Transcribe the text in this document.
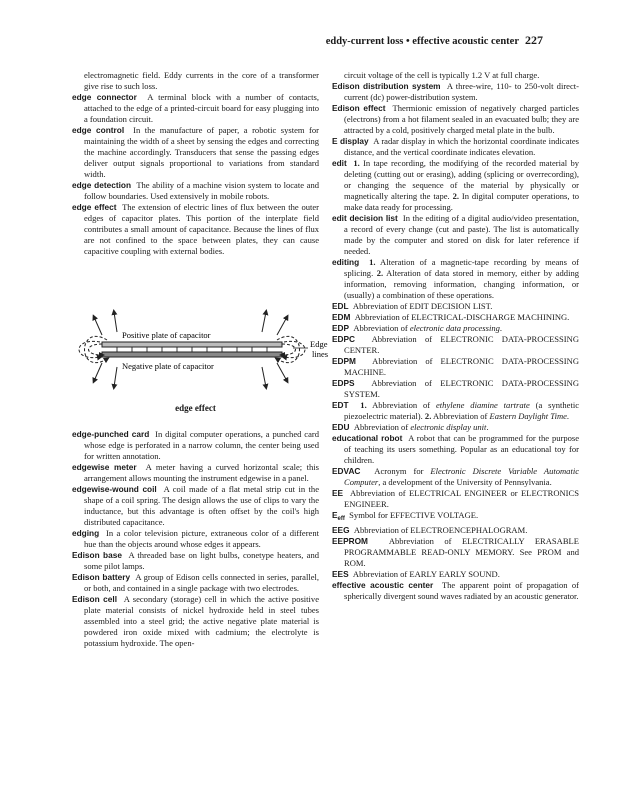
eddy-current loss • effective acoustic center 227

electromagnetic field. Eddy currents in the core of a transformer give rise to such loss.

edge connector A terminal block with a number of contacts, attached to the edge of a printed-circuit board for easy plugging into a foundation circuit.

edge control In the manufacture of paper, a robotic system for maintaining the width of a sheet by sensing the edges and correcting the machine accordingly. Transducers that sense the passing edges deliver output signals proportional to variations from standard width.

edge detection The ability of a machine vision system to locate and follow boundaries. Used extensively in mobile robots.

edge effect The extension of electric lines of flux between the outer edges of capacitor plates. This portion of the interplate field contributes a small amount of capacitance. Because the lines of flux are not confined to the space between plates, they can cause capacitive coupling with external bodies.

Positive plate of capacitor
Negative plate of capacitor
Edge
lines
edge effect

edge-punched card In digital computer operations, a punched card whose edge is perforated in a narrow column, the center being used for written annotation.

edgewise meter A meter having a curved horizontal scale; this arrangement allows mounting the instrument edgewise in a panel.

edgewise-wound coil A coil made of a flat metal strip cut in the shape of a coil spring. The design allows the use of clips to vary the inductance, but this advantage is often offset by the coil's high distributed capacitance.

edging In a color television picture, extraneous color of a different hue than the objects around whose edges it appears.

Edison base A threaded base on light bulbs, conetype heaters, and some pilot lamps.

Edison battery A group of Edison cells connected in series, parallel, or both, and contained in a single package with two electrodes.

Edison cell A secondary (storage) cell in which the active positive plate material consists of nickel hydroxide held in steel tubes assembled into a steel grid; the active negative plate material is powdered iron oxide mixed with cadmium; the electrolyte is potassium hydroxide. The open-

circuit voltage of the cell is typically 1.2 V at full charge.

Edison distribution system A three-wire, 110- to 250-volt direct-current (dc) power-distribution system.

Edison effect Thermionic emission of negatively charged particles (electrons) from a hot filament sealed in an evacuated bulb; they are attracted by a cold, positively charged metal plate in the bulb.

E display A radar display in which the horizontal coordinate indicates distance, and the vertical coordinate indicates elevation.

edit 1. In tape recording, the modifying of the recorded material by deleting (cutting out or erasing), adding (splicing or overrecording), or changing the sequence of the material by physically or magnetically altering the tape. 2. In digital computer operations, to make data ready for processing.

edit decision list In the editing of a digital audio/video presentation, a record of every change (cut and paste). The list is automatically made by the computer and stored on disk for later reference if needed.

editing 1. Alteration of a magnetic-tape recording by means of splicing. 2. Alteration of data stored in memory, either by adding information, removing information, changing information, or (usually) a combination of these operations.

EDL Abbreviation of EDIT DECISION LIST.

EDM Abbreviation of ELECTRICAL-DISCHARGE MACHINING.

EDP Abbreviation of electronic data processing.

EDPC Abbreviation of ELECTRONIC DATA-PROCESSING CENTER.

EDPM Abbreviation of ELECTRONIC DATA-PROCESSING MACHINE.

EDPS Abbreviation of ELECTRONIC DATA-PROCESSING SYSTEM.

EDT 1. Abbreviation of ethylene diamine tartrate (a synthetic piezoelectric material). 2. Abbreviation of Eastern Daylight Time.

EDU Abbreviation of electronic display unit.

educational robot A robot that can be programmed for the purpose of teaching its users something. Popular as an educational toy for children.

EDVAC Acronym for Electronic Discrete Variable Automatic Computer, a development of the University of Pennsylvania.

EE Abbreviation of ELECTRICAL ENGINEER or ELECTRONICS ENGINEER.

$E_{eff}$ Symbol for EFFECTIVE VOLTAGE.

EEG Abbreviation of ELECTROENCEPHALOGRAM.

EEPROM Abbreviation of ELECTRICALLY ERASABLE PROGRAMMABLE READ-ONLY MEMORY. See PROM and ROM.

EES Abbreviation of EARLY EARLY SOUND.

effective acoustic center The apparent point of propagation of spherically divergent sound waves radiated by an acoustic generator.
